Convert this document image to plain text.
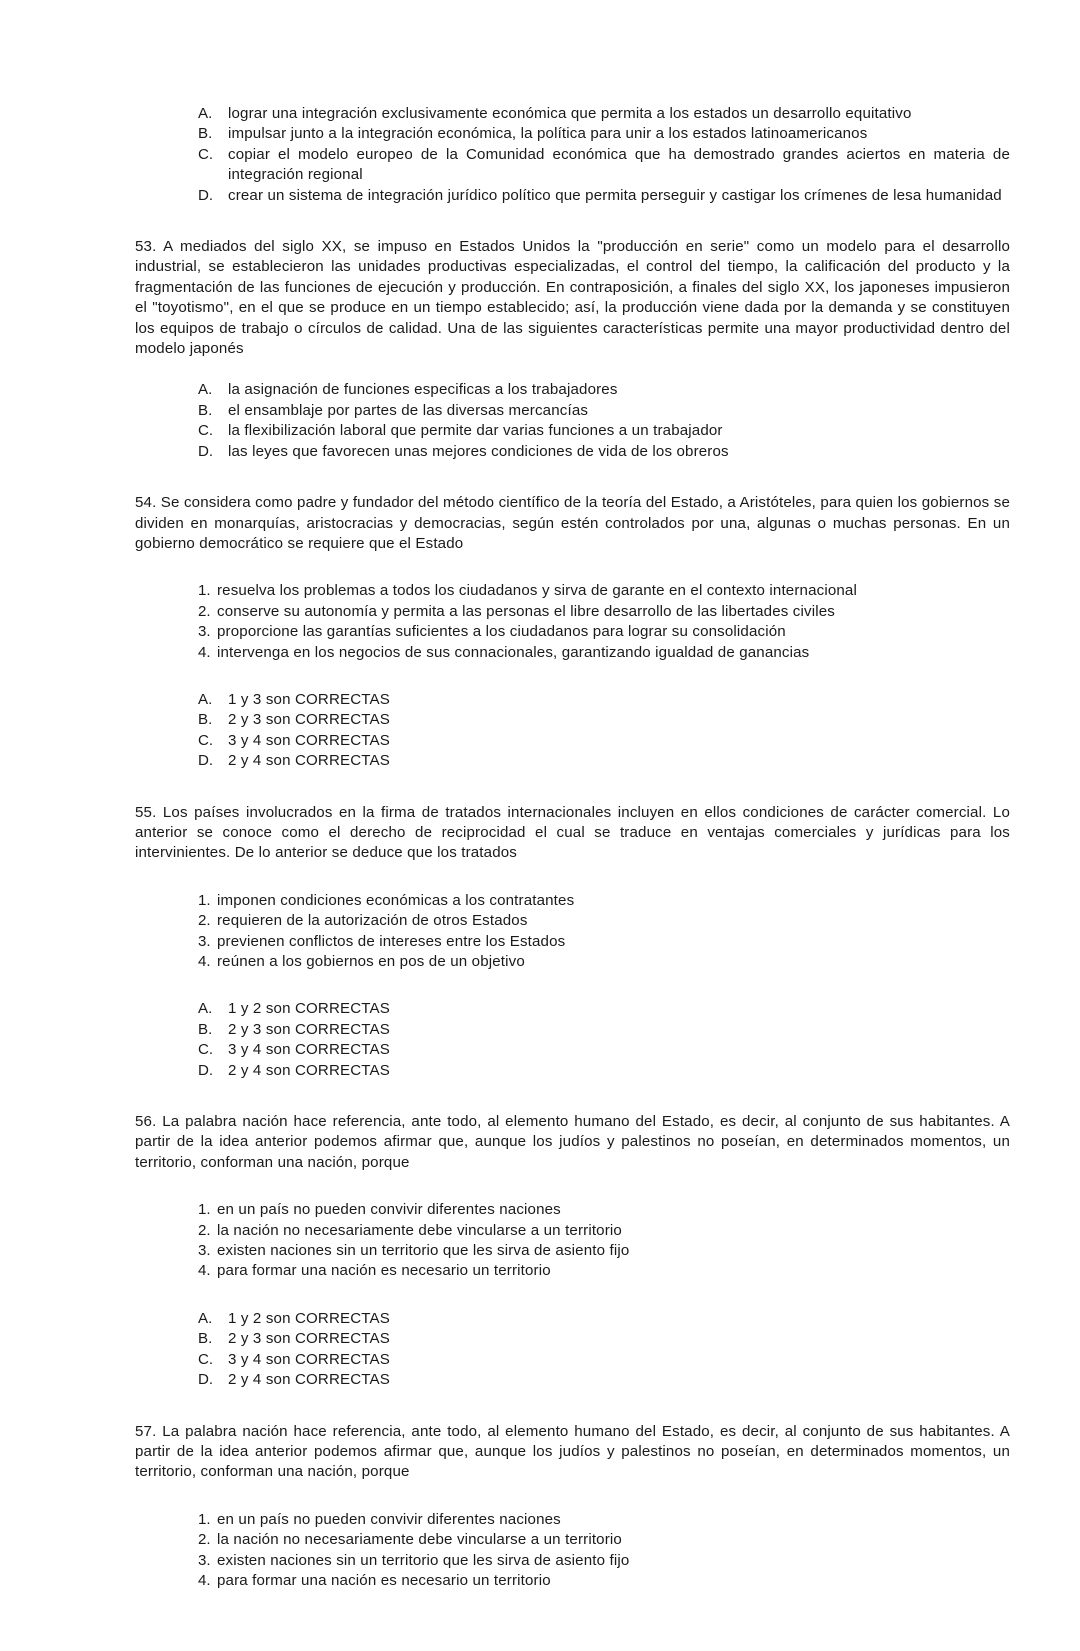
A.	lograr una integración exclusivamente económica que permita a los estados un desarrollo equitativo
B.	impulsar junto a la integración económica, la política para unir a los estados latinoamericanos
C. copiar el modelo europeo de la Comunidad económica que ha demostrado grandes aciertos en materia de integración regional
D. crear un sistema de integración jurídico político que permita perseguir y castigar los crímenes de lesa humanidad

53. A mediados del siglo XX, se impuso en Estados Unidos la "producción en serie" como un modelo para el desarrollo industrial, se establecieron las unidades productivas especializadas, el control del tiempo, la calificación del producto y la fragmentación de las funciones de ejecución y producción. En contraposición, a finales del siglo XX, los japoneses impusieron el "toyotismo", en el que se produce en un tiempo establecido; así, la producción viene dada por la demanda y se constituyen los equipos de trabajo o círculos de calidad. Una de las siguientes características permite una mayor productividad dentro del modelo japonés

A.	la asignación de funciones especificas a los trabajadores
B.	el ensamblaje por partes de las diversas mercancías
C. la flexibilización laboral que permite dar varias funciones a un trabajador
D. las leyes que favorecen unas mejores condiciones de vida de los obreros

54. Se considera como padre y fundador del método científico de la teoría del Estado, a Aristóteles, para quien los gobiernos se dividen en monarquías, aristocracias y democracias, según estén controlados por una, algunas o muchas personas. En un gobierno democrático se requiere que el Estado

1. resuelva los problemas a todos los ciudadanos y sirva de garante en el contexto internacional
2. conserve su autonomía y permita a las personas el libre desarrollo de las libertades civiles
3. proporcione las garantías suficientes a los ciudadanos para lograr su consolidación
4. intervenga en los negocios de sus connacionales, garantizando igualdad de ganancias
A.	1 y 3 son CORRECTAS
B.	2 y 3 son CORRECTAS
C. 3 y 4 son CORRECTAS
D. 2 y 4 son CORRECTAS

55. Los países involucrados en la firma de tratados internacionales incluyen en ellos condiciones de carácter comercial. Lo anterior se conoce como el derecho de reciprocidad el cual se traduce en ventajas comerciales y jurídicas para los intervinientes. De lo anterior se deduce que los tratados

1. imponen condiciones económicas a los contratantes
2. requieren de la autorización de otros Estados
3. previenen conflictos de intereses entre los Estados
4. reúnen a los gobiernos en pos de un objetivo
A.	1 y 2 son CORRECTAS
B.	2 y 3 son CORRECTAS
C. 3 y 4 son CORRECTAS
D. 2 y 4 son CORRECTAS

56. La palabra nación hace referencia, ante todo, al elemento humano del Estado, es decir, al conjunto de sus habitantes. A partir de la idea anterior podemos afirmar que, aunque los judíos y palestinos no poseían, en determinados momentos, un territorio, conforman una nación, porque

1. en un país no pueden convivir diferentes naciones
2. la nación no necesariamente debe vincularse a un territorio
3. existen naciones sin un territorio que les sirva de asiento fijo
4. para formar una nación es necesario un territorio
A.	1 y 2 son CORRECTAS
B.	2 y 3 son CORRECTAS
C. 3 y 4 son CORRECTAS
D. 2 y 4 son CORRECTAS

57. La palabra nación hace referencia, ante todo, al elemento humano del Estado, es decir, al conjunto de sus habitantes. A partir de la idea anterior podemos afirmar que, aunque los judíos y palestinos no poseían, en determinados momentos, un territorio, conforman una nación, porque

1. en un país no pueden convivir diferentes naciones
2. la nación no necesariamente debe vincularse a un territorio
3. existen naciones sin un territorio que les sirva de asiento fijo
4. para formar una nación es necesario un territorio
